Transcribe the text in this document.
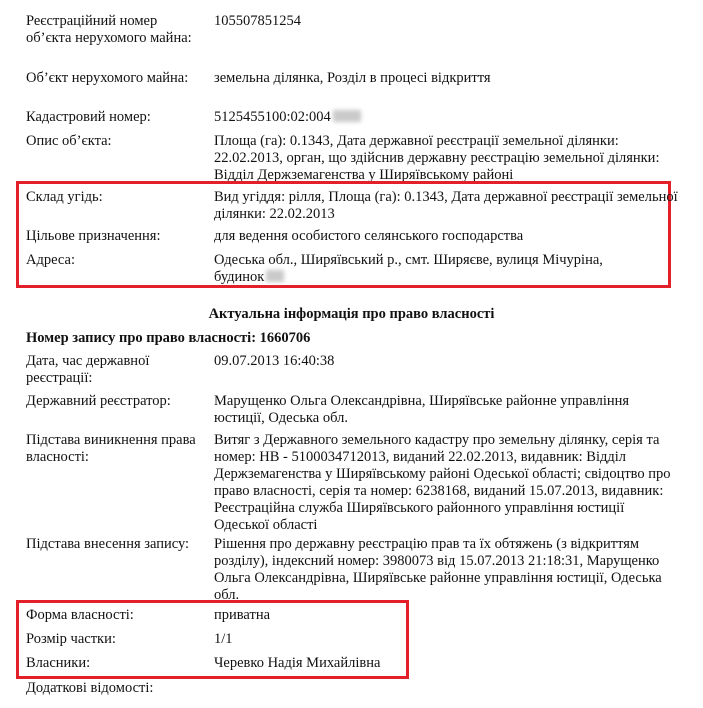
Реєстраційний номер об’єкта нерухомого майна:
105507851254
Об’єкт нерухомого майна:	земельна ділянка, Розділ в процесі відкриття
Кадастровий номер:	5125455100:02:004
Опис об’єкта:	Площа (га): 0.1343, Дата державної реєстрації земельної ділянки: 22.02.2013, орган, що здійснив державну реєстрацію земельної ділянки: Відділ Держземагенства у Ширяївському районі
Склад угідь:	Вид угіддя: рілля, Площа (га): 0.1343, Дата державної реєстрації земельної ділянки: 22.02.2013
Цільове призначення:	для ведення особистого селянського господарства
Адреса:	Одеська обл., Ширяївський р., смт. Ширяєве, вулиця Мічуріна, будинок
Актуальна інформація про право власності
Номер запису про право власності: 1660706
Дата, час державної реєстрації:
09.07.2013 16:40:38
Державний реєстратор:	Марущенко Ольга Олександрівна, Ширяївське районне управління юстиції, Одеська обл.
Підстава виникнення права власності:
Витяг з Державного земельного кадастру про земельну ділянку, серія та номер: НВ - 5100034712013, виданий 22.02.2013, видавник: Відділ Держземагенства у Ширяївському районі Одеської області; свідоцтво про право власності, серія та номер: 6238168, виданий 15.07.2013, видавник: Реєстраційна служба Ширяївського районного управління юстиції Одеської області
Підстава внесення запису:	Рішення про державну реєстрацію прав та їх обтяжень (з відкриттям розділу), індексний номер: 3980073 від 15.07.2013 21:18:31, Марущенко Ольга Олександрівна, Ширяївське районне управління юстиції, Одеська обл.
Форма власності:	приватна
Розмір частки:	1/1
Власники:	Черевко Надія Михайлівна
Додаткові відомості:
